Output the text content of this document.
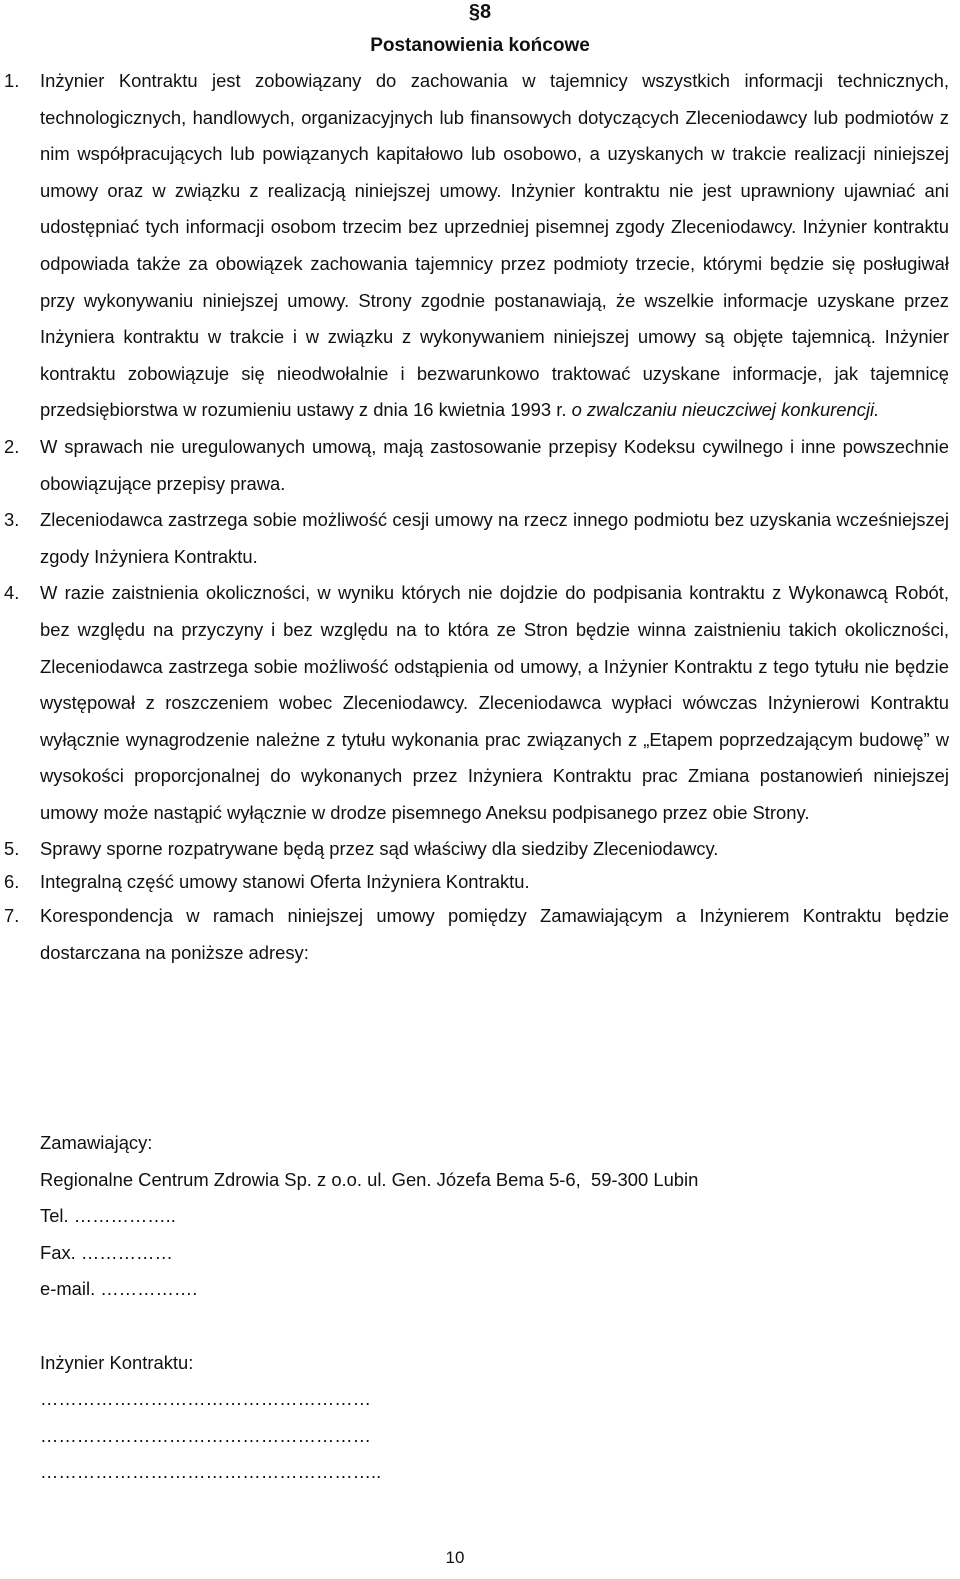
§8
Postanowienia końcowe
1. Inżynier Kontraktu jest zobowiązany do zachowania w tajemnicy wszystkich informacji technicznych, technologicznych, handlowych, organizacyjnych lub finansowych dotyczących Zleceniodawcy lub podmiotów z nim współpracujących lub powiązanych kapitałowo lub osobowo, a uzyskanych w trakcie realizacji niniejszej umowy oraz w związku z realizacją niniejszej umowy. Inżynier kontraktu nie jest uprawniony ujawniać ani udostępniać tych informacji osobom trzecim bez uprzedniej pisemnej zgody Zleceniodawcy. Inżynier kontraktu odpowiada także za obowiązek zachowania tajemnicy przez podmioty trzecie, którymi będzie się posługiwał przy wykonywaniu niniejszej umowy. Strony zgodnie postanawiają, że wszelkie informacje uzyskane przez Inżyniera kontraktu w trakcie i w związku z wykonywaniem niniejszej umowy są objęte tajemnicą. Inżynier kontraktu zobowiązuje się nieodwołalnie i bezwarunkowo traktować uzyskane informacje, jak tajemnicę przedsiębiorstwa w rozumieniu ustawy z dnia 16 kwietnia 1993 r. o zwalczaniu nieuczciwej konkurencji.
2. W sprawach nie uregulowanych umową, mają zastosowanie przepisy Kodeksu cywilnego i inne powszechnie obowiązujące przepisy prawa.
3. Zleceniodawca zastrzega sobie możliwość cesji umowy na rzecz innego podmiotu bez uzyskania wcześniejszej zgody Inżyniera Kontraktu.
4. W razie zaistnienia okoliczności, w wyniku których nie dojdzie do podpisania kontraktu z Wykonawcą Robót, bez względu na przyczyny i bez względu na to która ze Stron będzie winna zaistnieniu takich okoliczności, Zleceniodawca zastrzega sobie możliwość odstąpienia od umowy, a Inżynier Kontraktu z tego tytułu nie będzie występował z roszczeniem wobec Zleceniodawcy. Zleceniodawca wypłaci wówczas Inżynierowi Kontraktu wyłącznie wynagrodzenie należne z tytułu wykonania prac związanych z „Etapem poprzedzającym budowę” w wysokości proporcjonalnej do wykonanych przez Inżyniera Kontraktu prac Zmiana postanowień niniejszej umowy może nastąpić wyłącznie w drodze pisemnego Aneksu podpisanego przez obie Strony.
5. Sprawy sporne rozpatrywane będą przez sąd właściwy dla siedziby Zleceniodawcy.
6. Integralną część umowy stanowi Oferta Inżyniera Kontraktu.
7. Korespondencja w ramach niniejszej umowy pomiędzy Zamawiającym a Inżynierem Kontraktu będzie dostarczana na poniższe adresy:
Zamawiający:
Regionalne Centrum Zdrowia Sp. z o.o. ul. Gen. Józefa Bema 5-6,  59-300 Lubin
Tel. ……………..
Fax. ……………
e-mail. …………….
Inżynier Kontraktu:
………………………………………………
………………………………………………
………………………………………………..
10
